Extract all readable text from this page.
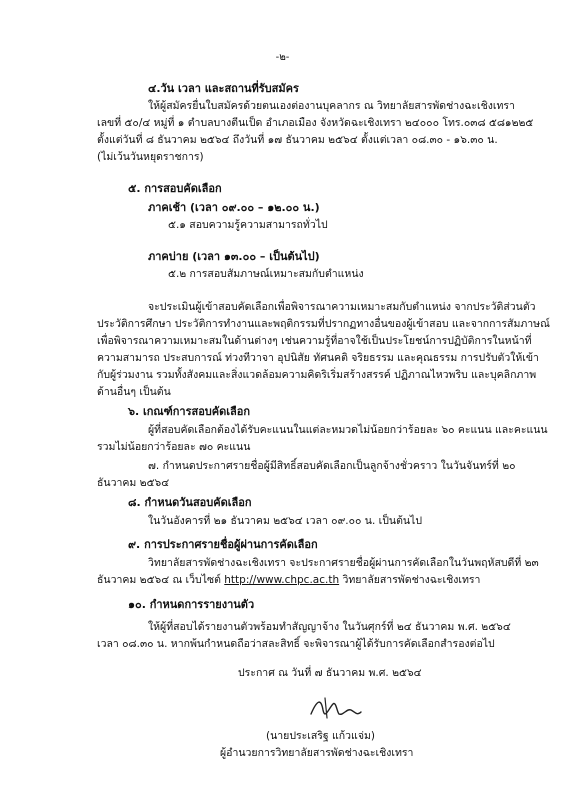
-๒-
๔.วัน เวลา และสถานที่รับสมัคร
ให้ผู้สมัครยื่นใบสมัครด้วยตนเองต่องานบุคลากร ณ วิทยาลัยสารพัดช่างฉะเชิงเทรา
เลขที่ ๕๐/๔ หมู่ที่ ๑ ตำบลบางตีนเป็ด อำเภอเมือง จังหวัดฉะเชิงเทรา ๒๔๐๐๐ โทร.๐๓๘ ๕๘๑๒๒๕
ตั้งแต่วันที่ ๘ ธันวาคม ๒๕๖๔ ถึงวันที่ ๑๗ ธันวาคม ๒๕๖๔ ตั้งแต่เวลา ๐๘.๓๐ - ๑๖.๓๐ น.
(ไม่เว้นวันหยุดราชการ)
๕. การสอบคัดเลือก
ภาคเช้า (เวลา ๐๙.๐๐ – ๑๒.๐๐ น.)
๕.๑ สอบความรู้ความสามารถทั่วไป
ภาคบ่าย (เวลา ๑๓.๐๐ – เป็นต้นไป)
๕.๒ การสอบสัมภาษณ์เหมาะสมกับตำแหน่ง
จะประเมินผู้เข้าสอบคัดเลือกเพื่อพิจารณาความเหมาะสมกับตำแหน่ง จากประวัติส่วนตัว
ประวัติการศึกษา ประวัติการทำงานและพฤติกรรมที่ปรากฏทางอื่นของผู้เข้าสอบ และจากการสัมภาษณ์
เพื่อพิจารณาความเหมาะสมในด้านต่างๆ เช่นความรู้ที่อาจใช้เป็นประโยชน์การปฏิบัติการในหน้าที่
ความสามารถ ประสบการณ์ ท่วงทีวาจา อุปนิสัย ทัศนคติ จริยธรรม และคุณธรรม การปรับตัวให้เข้า
กับผู้ร่วมงาน รวมทั้งสังคมและสิ่งแวดล้อมความคิดริเริ่มสร้างสรรค์ ปฏิภาณไหวพริบ และบุคลิกภาพ
ด้านอื่นๆ เป็นต้น
๖. เกณฑ์การสอบคัดเลือก
ผู้ที่สอบคัดเลือกต้องได้รับคะแนนในแต่ละหมวดไม่น้อยกว่าร้อยละ ๖๐ คะแนน และคะแนน
รวมไม่น้อยกว่าร้อยละ ๗๐ คะแนน
๗. กำหนดประกาศรายชื่อผู้มีสิทธิ์สอบคัดเลือกเป็นลูกจ้างชั่วคราว ในวันจันทร์ที่ ๒๐
ธันวาคม ๒๕๖๔
๘. กำหนดวันสอบคัดเลือก
ในวันอังคารที่ ๒๑ ธันวาคม ๒๕๖๔ เวลา ๐๙.๐๐ น. เป็นต้นไป
๙. การประกาศรายชื่อผู้ผ่านการคัดเลือก
วิทยาลัยสารพัดช่างฉะเชิงเทรา จะประกาศรายชื่อผู้ผ่านการคัดเลือกในวันพฤหัสบดีที่ ๒๓
ธันวาคม ๒๕๖๔ ณ เว็บไซต์ http://www.chpc.ac.th วิทยาลัยสารพัดช่างฉะเชิงเทรา
๑๐. กำหนดการรายงานตัว
ให้ผู้ที่สอบได้รายงานตัวพร้อมทำสัญญาจ้าง ในวันศุกร์ที่ ๒๔ ธันวาคม พ.ศ. ๒๕๖๔
เวลา ๐๘.๓๐ น. หากพ้นกำหนดถือว่าสละสิทธิ์ จะพิจารณาผู้ได้รับการคัดเลือกสำรองต่อไป
ประกาศ ณ วันที่ ๗ ธันวาคม พ.ศ. ๒๕๖๔
(นายประเสริฐ แก้วแจ่ม)
ผู้อำนวยการวิทยาลัยสารพัดช่างฉะเชิงเทรา
